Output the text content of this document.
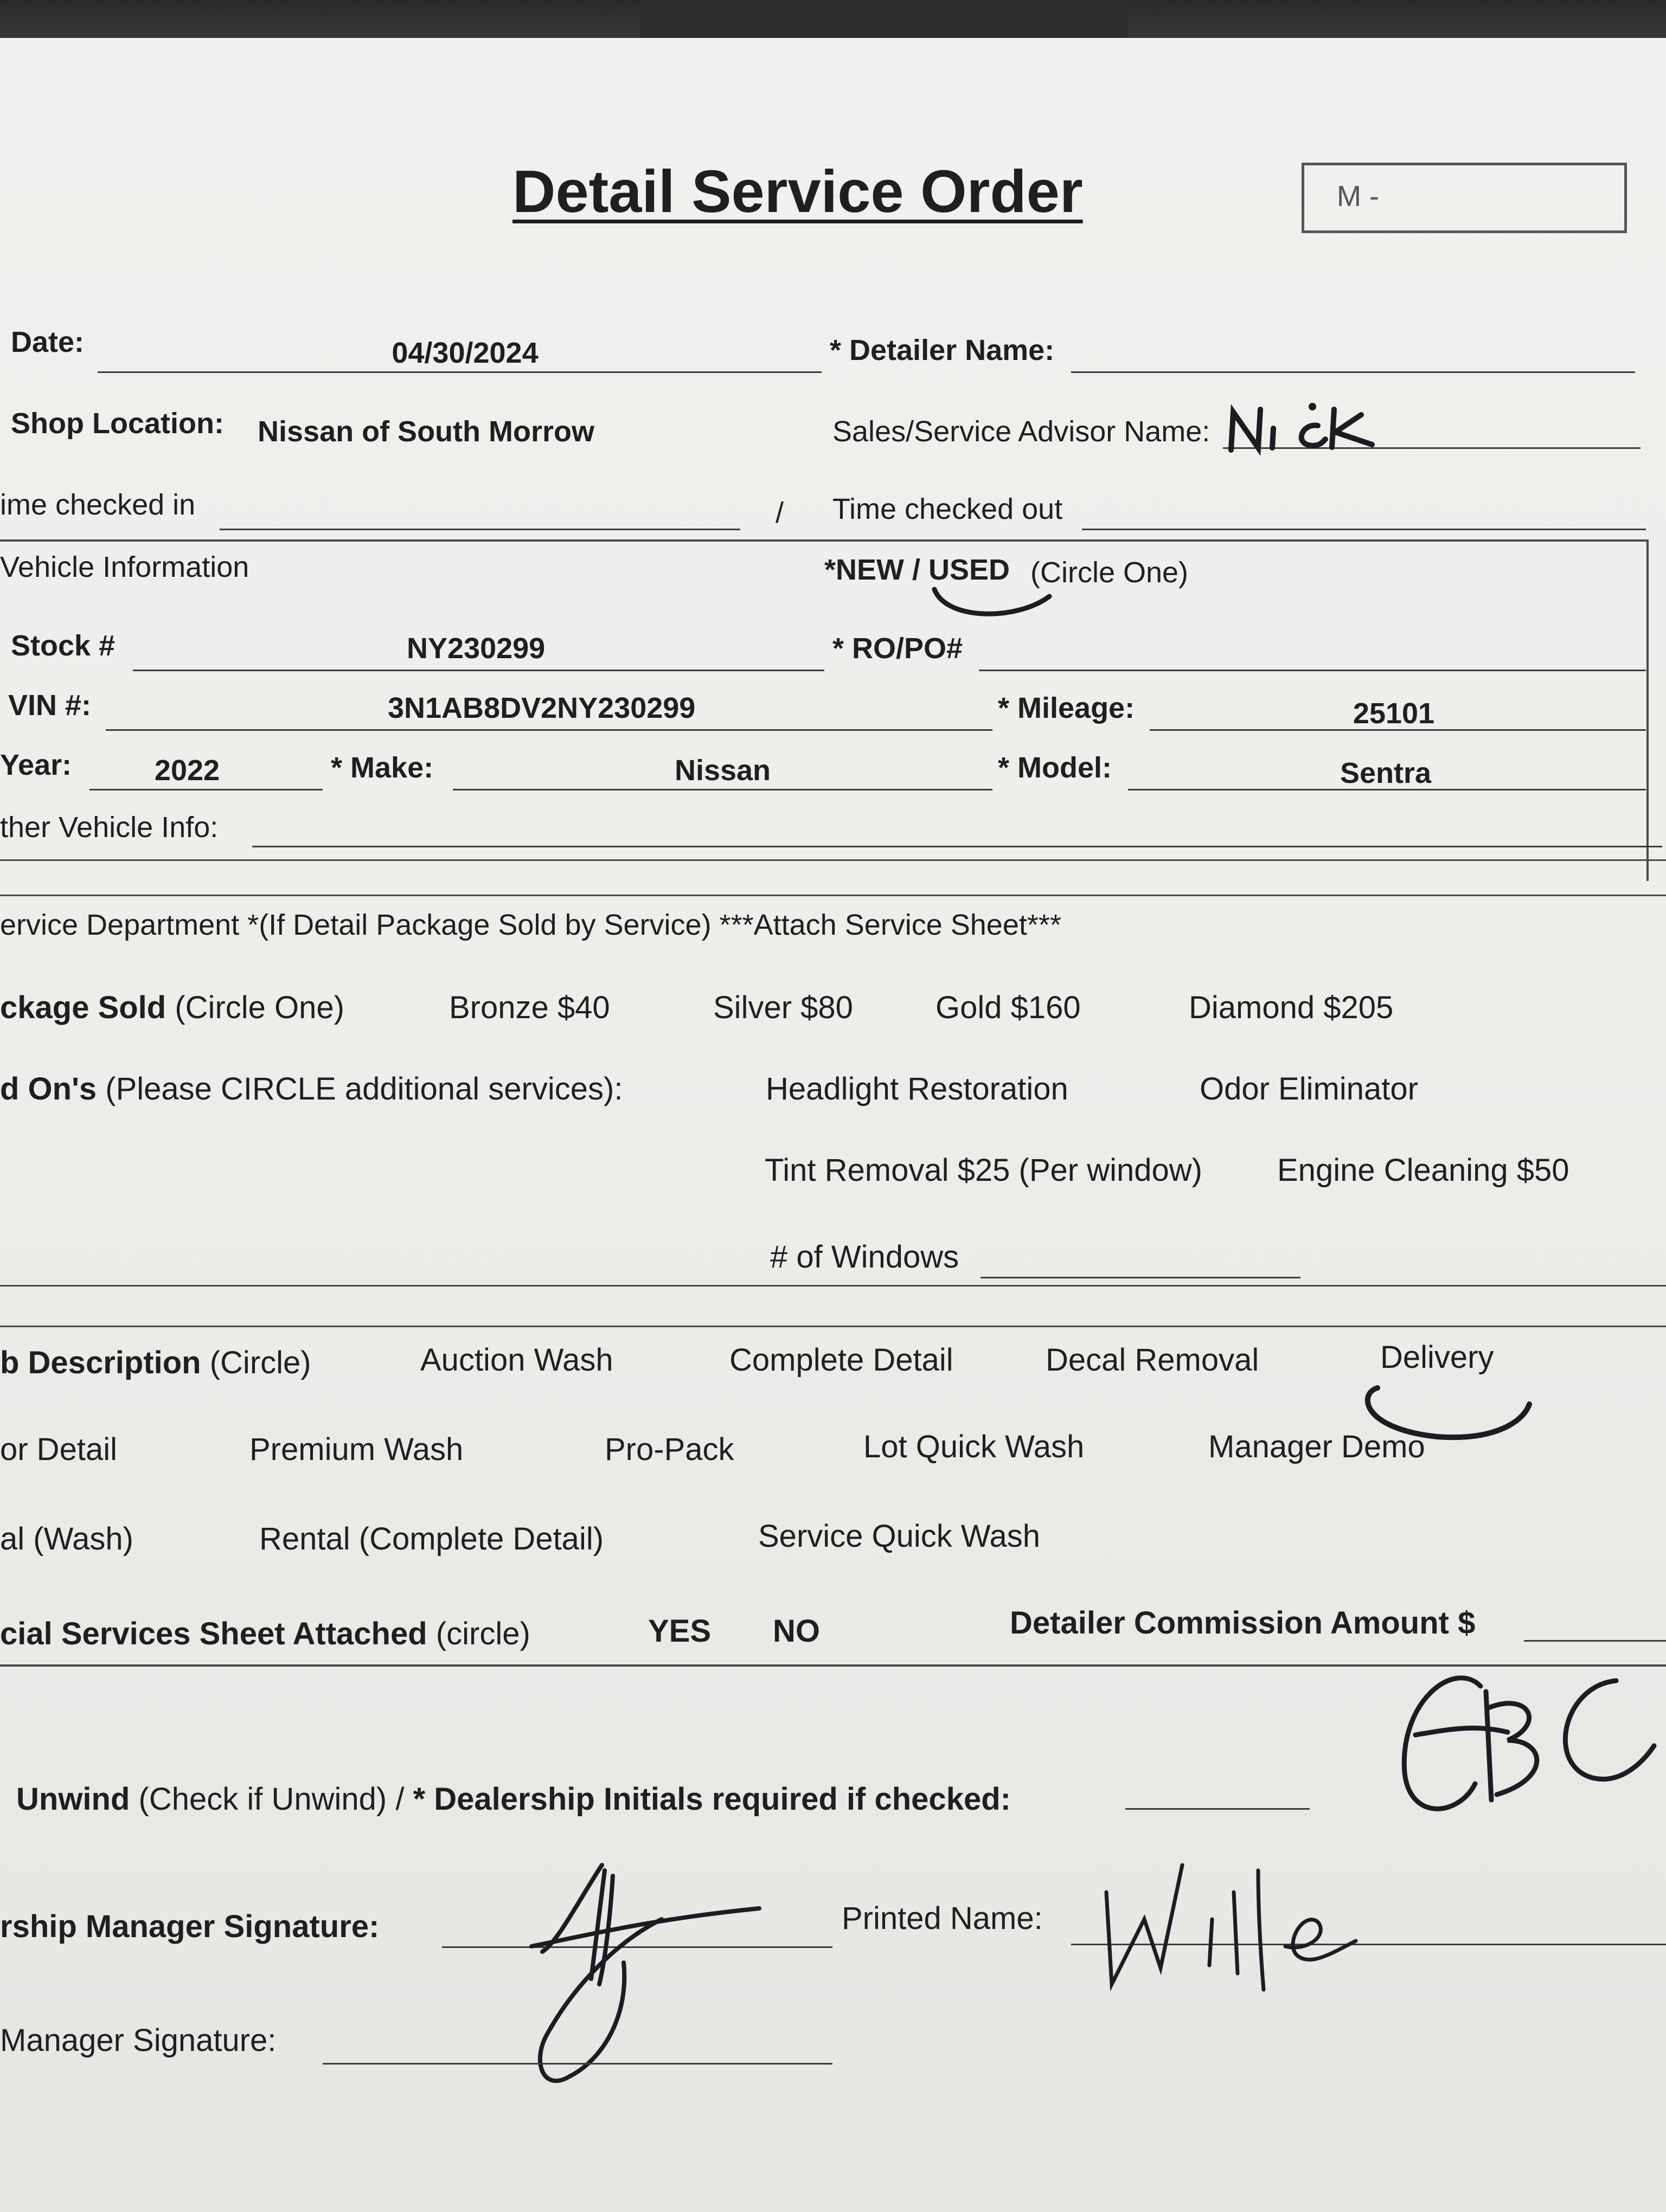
Detail Service Order	M -
Date:	04/30/2024	* Detailer Name:
Shop Location: Nissan of South Morrow	Sales/Service Advisor Name:
ime checked in	/ Time checked out
Vehicle Information	*NEW / USED (Circle One)
Stock #	NY230299	* RO/PO#
VIN #:	3N1AB8DV2NY230299	* Mileage:	25101
Year:	2022	* Make:	Nissan	* Model:	Sentra
ther Vehicle Info:
ervice Department *(If Detail Package Sold by Service) ***Attach Service Sheet***
ckage Sold (Circle One)	Bronze $40	Silver $80	Gold $160	Diamond $205
d On's (Please CIRCLE additional services):	Headlight Restoration	Odor Eliminator
Tint Removal $25 (Per window) Engine Cleaning $50
# of Windows
b Description (Circle)	Auction Wash	Complete Detail	Decal Removal	Delivery
or Detail	Premium Wash	Pro-Pack	Lot Quick Wash	Manager Demo
al (Wash)	Rental (Complete Detail)	Service Quick Wash
cial Services Sheet Attached (circle)	YES NO	Detailer Commission Amount $
Unwind (Check if Unwind) / * Dealership Initials required if checked:
rship Manager Signature:	Printed Name:
Manager Signature:
